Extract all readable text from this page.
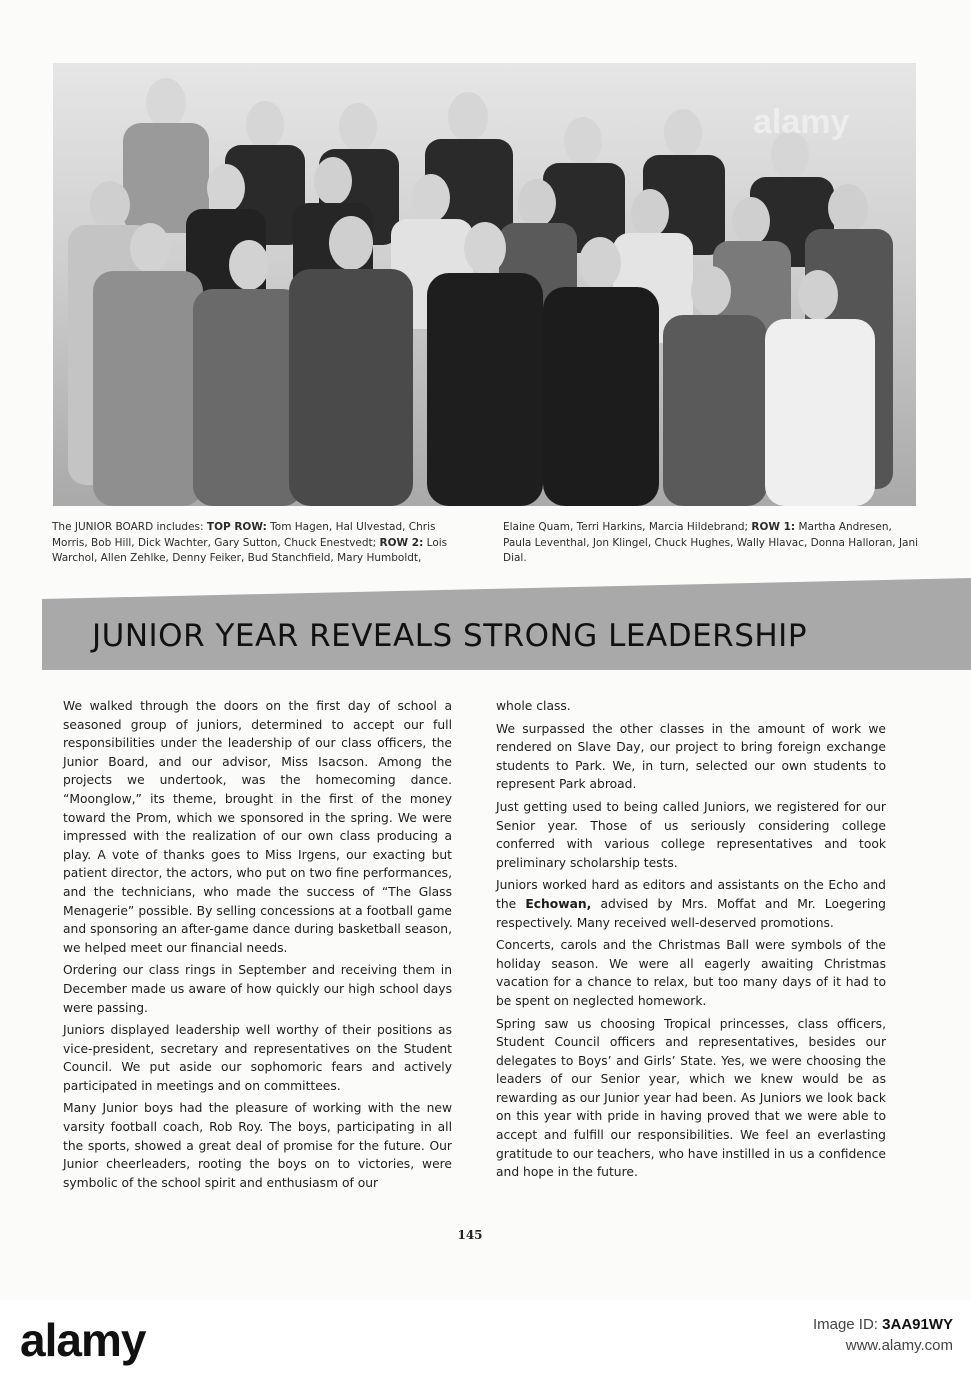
alamy
The JUNIOR BOARD includes: TOP ROW: Tom Hagen, Hal Ulvestad, Chris Morris, Bob Hill, Dick Wachter, Gary Sutton, Chuck Enestvedt; ROW 2: Lois Warchol, Allen Zehlke, Denny Feiker, Bud Stanchfield, Mary Humboldt,
Elaine Quam, Terri Harkins, Marcia Hildebrand; ROW 1: Martha Andresen, Paula Leventhal, Jon Klingel, Chuck Hughes, Wally Hlavac, Donna Halloran, Jani Dial.
JUNIOR YEAR REVEALS STRONG LEADERSHIP

We walked through the doors on the first day of school a seasoned group of juniors, determined to accept our full responsibilities under the leadership of our class officers, the Junior Board, and our advisor, Miss Isacson. Among the projects we undertook, was the homecoming dance. “Moonglow,” its theme, brought in the first of the money toward the Prom, which we sponsored in the spring. We were impressed with the realization of our own class producing a play. A vote of thanks goes to Miss Irgens, our exacting but patient director, the actors, who put on two fine performances, and the technicians, who made the success of “The Glass Menagerie” possible. By selling concessions at a football game and sponsoring an after-game dance during basketball season, we helped meet our financial needs.

Ordering our class rings in September and receiving them in December made us aware of how quickly our high school days were passing.

Juniors displayed leadership well worthy of their positions as vice-president, secretary and representatives on the Student Council. We put aside our sophomoric fears and actively participated in meetings and on committees.

Many Junior boys had the pleasure of working with the new varsity football coach, Rob Roy. The boys, participating in all the sports, showed a great deal of promise for the future. Our Junior cheerleaders, rooting the boys on to victories, were symbolic of the school spirit and enthusiasm of our

whole class.

We surpassed the other classes in the amount of work we rendered on Slave Day, our project to bring foreign exchange students to Park. We, in turn, selected our own students to represent Park abroad.

Just getting used to being called Juniors, we registered for our Senior year. Those of us seriously considering college conferred with various college representatives and took preliminary scholarship tests.

Juniors worked hard as editors and assistants on the Echo and the Echowan, advised by Mrs. Moffat and Mr. Loegering respectively. Many received well-deserved promotions.

Concerts, carols and the Christmas Ball were symbols of the holiday season. We were all eagerly awaiting Christmas vacation for a chance to relax, but too many days of it had to be spent on neglected homework.

Spring saw us choosing Tropical princesses, class officers, Student Council officers and representatives, besides our delegates to Boys’ and Girls’ State. Yes, we were choosing the leaders of our Senior year, which we knew would be as rewarding as our Junior year had been. As Juniors we look back on this year with pride in having proved that we were able to accept and fulfill our responsibilities. We feel an everlasting gratitude to our teachers, who have instilled in us a confidence and hope in the future.

145
alamy	Image ID: 3AA91WY
www.alamy.com
